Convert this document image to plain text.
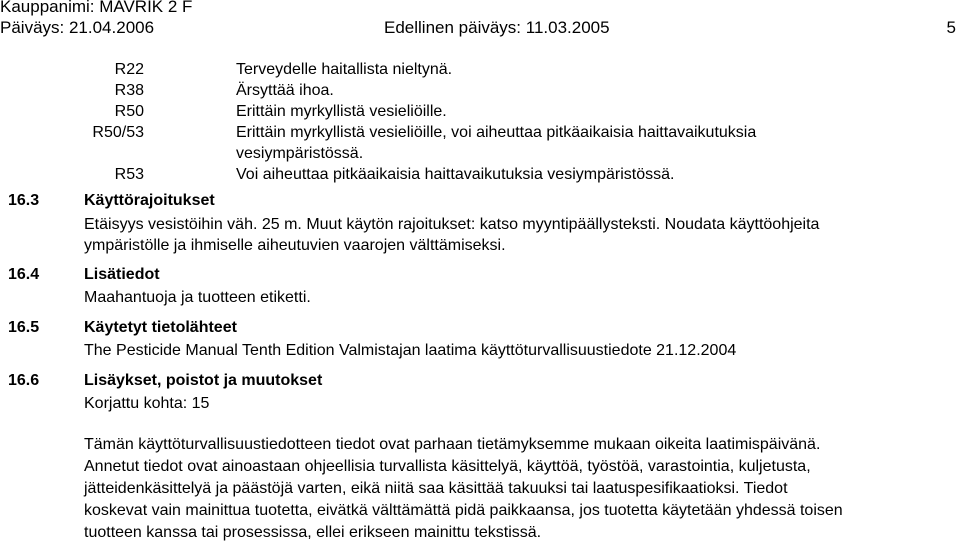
Kauppanimi: MAVRIK 2 F
Päiväys: 21.04.2006	Edellinen päiväys: 11.03.2005	5
R22	Terveydelle haitallista nieltynä.
R38	Ärsyttää ihoa.
R50	Erittäin myrkyllistä vesieliöille.
R50/53	Erittäin myrkyllistä vesieliöille, voi aiheuttaa pitkäaikaisia haittavaikutuksia
vesiympäristössä.
R53	Voi aiheuttaa pitkäaikaisia haittavaikutuksia vesiympäristössä.
16.3	Käyttörajoitukset
Etäisyys vesistöihin väh. 25 m. Muut käytön rajoitukset: katso myyntipäällysteksti. Noudata käyttöohjeita
ympäristölle ja ihmiselle aiheutuvien vaarojen välttämiseksi.
16.4	Lisätiedot
Maahantuoja ja tuotteen etiketti.
16.5	Käytetyt tietolähteet
The Pesticide Manual Tenth Edition Valmistajan laatima käyttöturvallisuustiedote 21.12.2004
16.6	Lisäykset, poistot ja muutokset
Korjattu kohta: 15
Tämän käyttöturvallisuustiedotteen tiedot ovat parhaan tietämyksemme mukaan oikeita laatimispäivänä.
Annetut tiedot ovat ainoastaan ohjeellisia turvallista käsittelyä, käyttöä, työstöä, varastointia, kuljetusta,
jätteidenkäsittelyä ja päästöjä varten, eikä niitä saa käsittää takuuksi tai laatuspesifikaatioksi. Tiedot
koskevat vain mainittua tuotetta, eivätkä välttämättä pidä paikkaansa, jos tuotetta käytetään yhdessä toisen
tuotteen kanssa tai prosessissa, ellei erikseen mainittu tekstissä.
